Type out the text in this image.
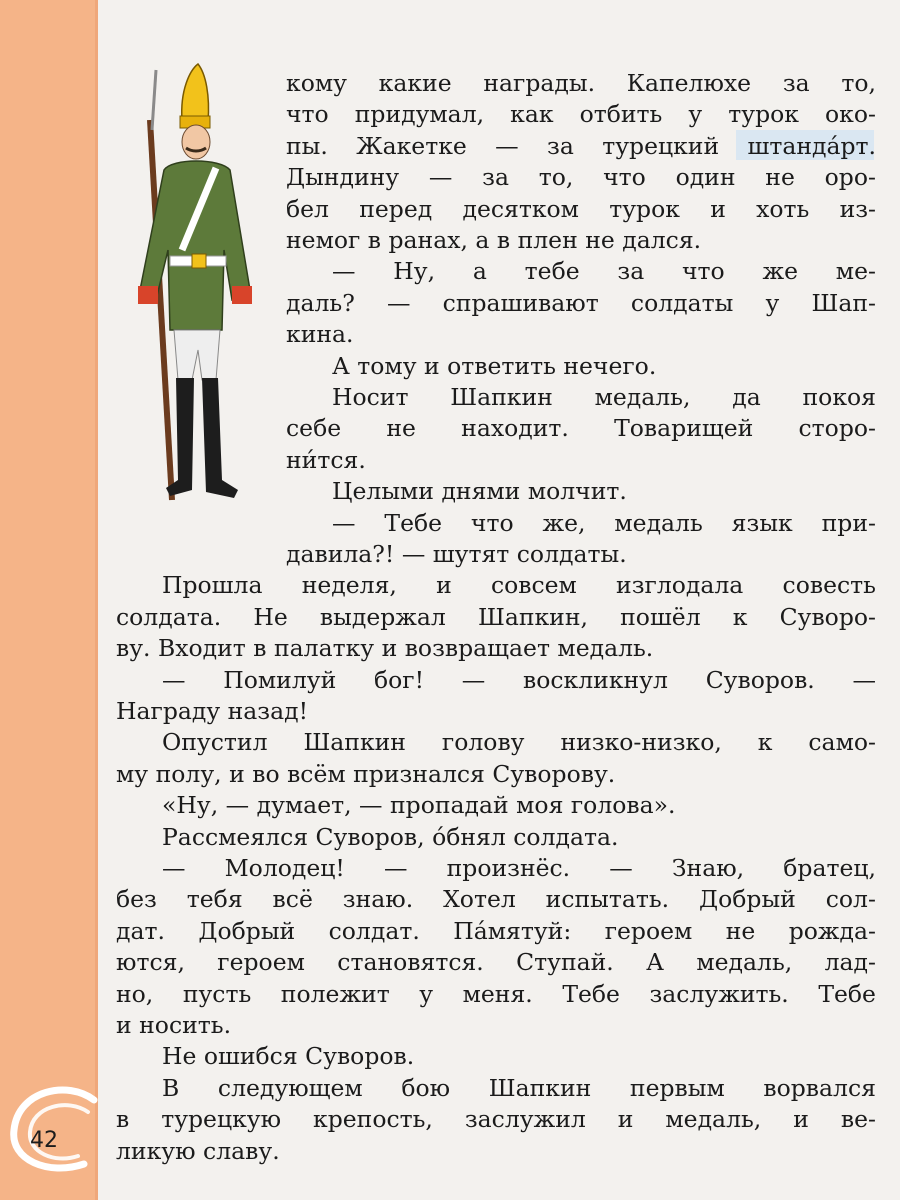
42
кому какие награды. Капелюхе за то,
что придумал, как отбить у турок око-
пы. Жакетке — за турецкий штанда́рт.
Дындину — за то, что один не оро-
бел перед десятком турок и хоть из-
немог в ранах, а в плен не дался.
— Ну, а тебе за что же ме-
даль? — спрашивают солдаты у Шап-
кина.
А тому и ответить нечего.
Носит Шапкин медаль, да покоя
себе не находит. Товарищей сторо-
ни́тся.
Целыми днями молчит.
— Тебе что же, медаль язык при-
давила?! — шутят солдаты.
Прошла неделя, и совсем изглодала совесть
солдата. Не выдержал Шапкин, пошёл к Суворо-
ву. Входит в палатку и возвращает медаль.
— Помилуй бог! — воскликнул Суворов. —
Награду назад!
Опустил Шапкин голову низко-низко, к само-
му полу, и во всём признался Суворову.
«Ну, — думает, — пропадай моя голова».
Рассмеялся Суворов, о́бнял солдата.
— Молодец! — произнёс. — Знаю, братец,
без тебя всё знаю. Хотел испытать. Добрый сол-
дат. Добрый солдат. Па́мятуй: героем не рожда-
ются, героем становятся. Ступай. А медаль, лад-
но, пусть полежит у меня. Тебе заслужить. Тебе
и носить.
Не ошибся Суворов.
В следующем бою Шапкин первым ворвался
в турецкую крепость, заслужил и медаль, и ве-
ликую славу.
